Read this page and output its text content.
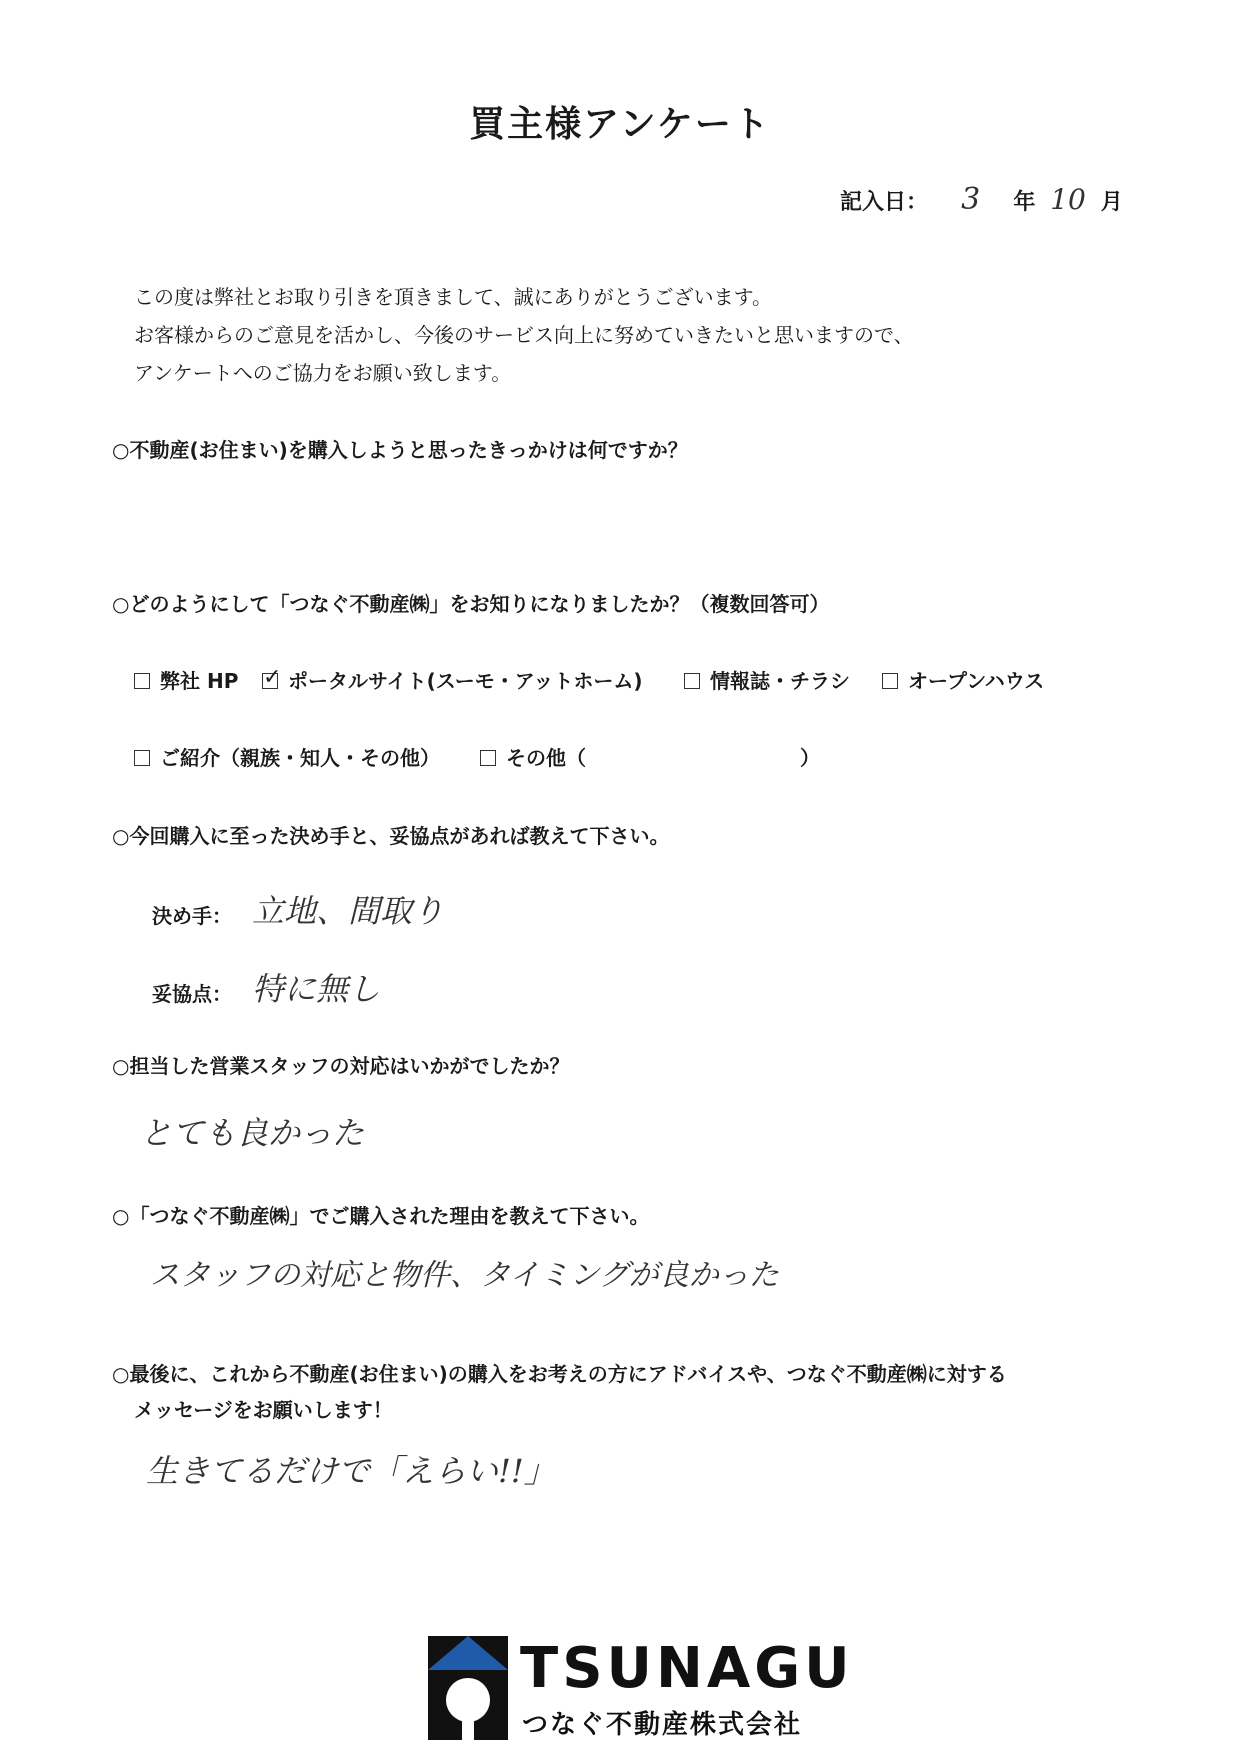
買主様アンケート
記入日： 3 年 10 月
この度は弊社とお取り引きを頂きまして、誠にありがとうございます。
お客様からのご意見を活かし、今後のサービス向上に努めていきたいと思いますので、
アンケートへのご協力をお願い致します。
○不動産(お住まい)を購入しようと思ったきっかけは何ですか？
○どのようにして「つなぐ不動産㈱」をお知りになりましたか？（複数回答可）
弊社 HP
✓	ポータルサイト(スーモ・アットホーム)	情報誌・チラシ	オープンハウス
ご紹介（親族・知人・その他）	その他（	）
○今回購入に至った決め手と、妥協点があれば教えて下さい。
決め手： 立地、間取り
妥協点： 特に無し
○担当した営業スタッフの対応はいかがでしたか？
とても良かった
○「つなぐ不動産㈱」でご購入された理由を教えて下さい。
スタッフの対応と物件、タイミングが良かった
○最後に、これから不動産(お住まい)の購入をお考えの方にアドバイスや、つなぐ不動産㈱に対する
メッセージをお願いします！
生きてるだけで「えらい!!」
TSUNAGU
つなぐ不動産株式会社
